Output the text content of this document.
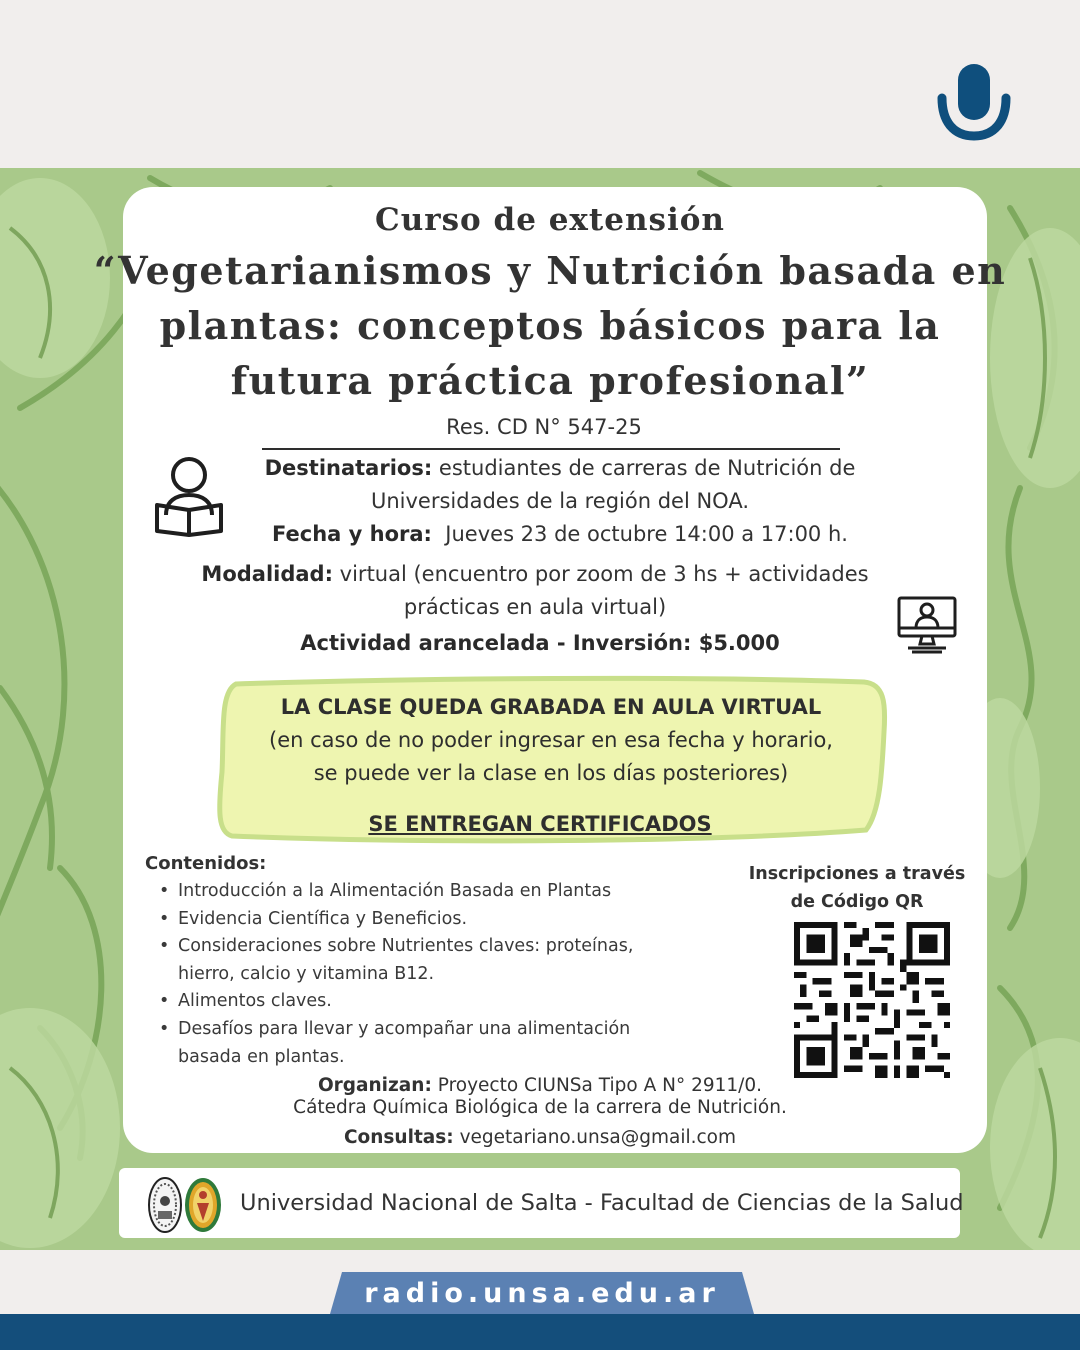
Curso de extensión
“Vegetarianismos y Nutrición basada en
plantas: conceptos básicos para la
futura práctica profesional”
Res. CD N° 547-25
Destinatarios: estudiantes de carreras de Nutrición de
Universidades de la región del NOA.
Fecha y hora: Jueves 23 de octubre 14:00 a 17:00 h.
Modalidad: virtual (encuentro por zoom de 3 hs + actividades
prácticas en aula virtual)
Actividad arancelada - Inversión: $5.000
LA CLASE QUEDA GRABADA EN AULA VIRTUAL
(en caso de no poder ingresar en esa fecha y horario,
se puede ver la clase en los días posteriores)
SE ENTREGAN CERTIFICADOS
Contenidos:
• Introducción a la Alimentación Basada en Plantas
• Evidencia Científica y Beneficios.
• Consideraciones sobre Nutrientes claves: proteínas,
hierro, calcio y vitamina B12.
• Alimentos claves.
• Desafíos para llevar y acompañar una alimentación
basada en plantas.
Inscripciones a través
de Código QR
Organizan: Proyecto CIUNSa Tipo A N° 2911/0.
Cátedra Química Biológica de la carrera de Nutrición.
Consultas: vegetariano.unsa@gmail.com
Universidad Nacional de Salta - Facultad de Ciencias de la Salud
radio.unsa.edu.ar
